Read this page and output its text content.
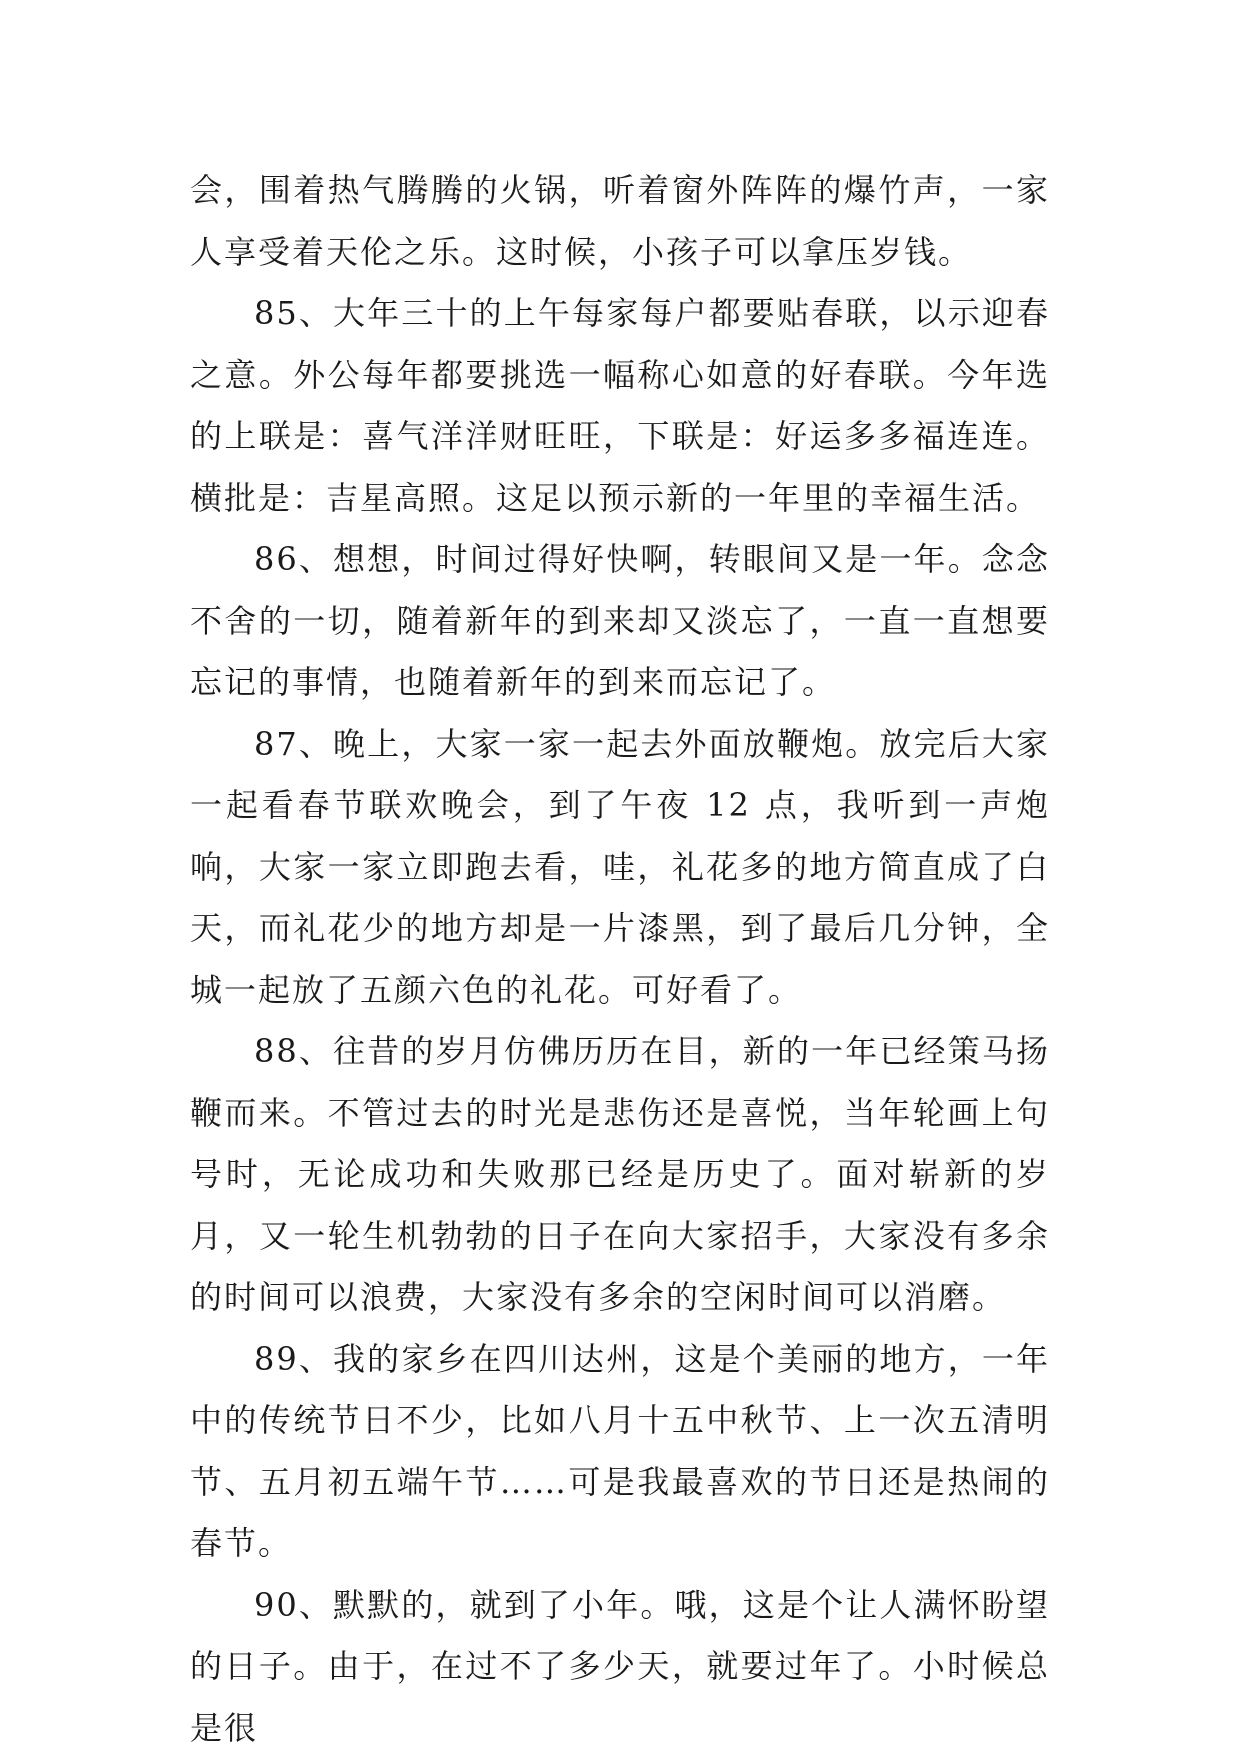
会，围着热气腾腾的火锅，听着窗外阵阵的爆竹声，一家人享受着天伦之乐。这时候，小孩子可以拿压岁钱。

85、大年三十的上午每家每户都要贴春联，以示迎春之意。外公每年都要挑选一幅称心如意的好春联。今年选的上联是：喜气洋洋财旺旺，下联是：好运多多福连连。横批是：吉星高照。这足以预示新的一年里的幸福生活。

86、想想，时间过得好快啊，转眼间又是一年。念念不舍的一切，随着新年的到来却又淡忘了，一直一直想要忘记的事情，也随着新年的到来而忘记了。

87、晚上，大家一家一起去外面放鞭炮。放完后大家一起看春节联欢晚会，到了午夜 12 点，我听到一声炮响，大家一家立即跑去看，哇，礼花多的地方简直成了白天，而礼花少的地方却是一片漆黑，到了最后几分钟，全城一起放了五颜六色的礼花。可好看了。

88、往昔的岁月仿佛历历在目，新的一年已经策马扬鞭而来。不管过去的时光是悲伤还是喜悦，当年轮画上句号时，无论成功和失败那已经是历史了。面对崭新的岁月，又一轮生机勃勃的日子在向大家招手，大家没有多余的时间可以浪费，大家没有多余的空闲时间可以消磨。

89、我的家乡在四川达州，这是个美丽的地方，一年中的传统节日不少，比如八月十五中秋节、上一次五清明节、五月初五端午节……可是我最喜欢的节日还是热闹的春节。

90、默默的，就到了小年。哦，这是个让人满怀盼望的日子。由于，在过不了多少天，就要过年了。小时候总是很
